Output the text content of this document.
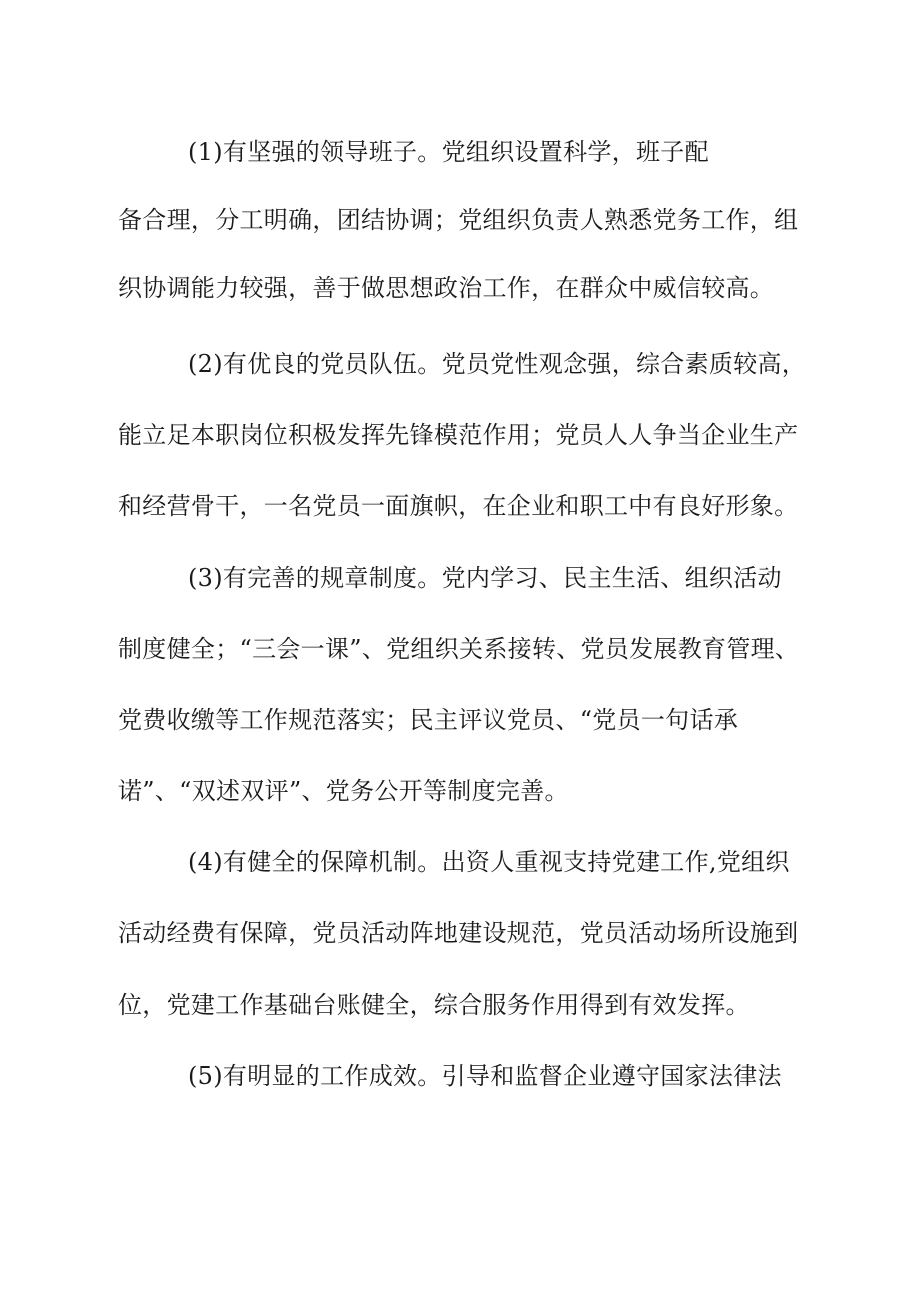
(1)有坚强的领导班子。党组织设置科学，班子配
备合理，分工明确，团结协调；党组织负责人熟悉党务工作，组
织协调能力较强，善于做思想政治工作，在群众中威信较高。
(2)有优良的党员队伍。党员党性观念强，综合素质较高，
能立足本职岗位积极发挥先锋模范作用；党员人人争当企业生产
和经营骨干，一名党员一面旗帜，在企业和职工中有良好形象。
(3)有完善的规章制度。党内学习、民主生活、组织活动
制度健全；“三会一课”、党组织关系接转、党员发展教育管理、
党费收缴等工作规范落实；民主评议党员、“党员一句话承
诺”、“双述双评”、党务公开等制度完善。
(4)有健全的保障机制。出资人重视支持党建工作,党组织
活动经费有保障，党员活动阵地建设规范，党员活动场所设施到
位，党建工作基础台账健全，综合服务作用得到有效发挥。
(5)有明显的工作成效。引导和监督企业遵守国家法律法
